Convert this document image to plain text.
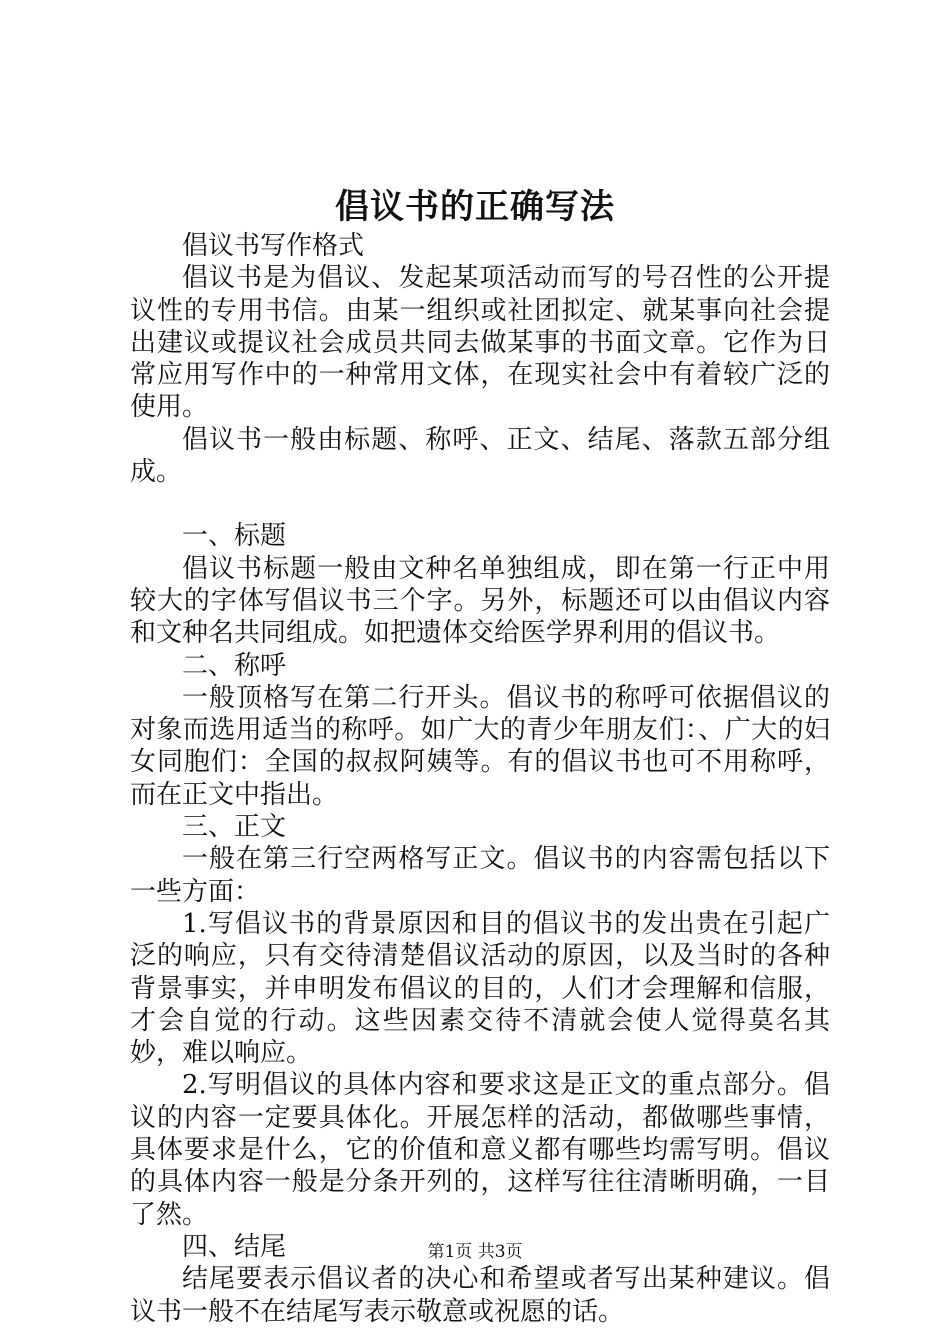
倡议书的正确写法

倡议书写作格式

倡议书是为倡议、发起某项活动而写的号召性的公开提议性的专用书信。由某一组织或社团拟定、就某事向社会提出建议或提议社会成员共同去做某事的书面文章。它作为日常应用写作中的一种常用文体，在现实社会中有着较广泛的使用。

倡议书一般由标题、称呼、正文、结尾、落款五部分组成。

一、标题

倡议书标题一般由文种名单独组成，即在第一行正中用较大的字体写倡议书三个字。另外，标题还可以由倡议内容和文种名共同组成。如把遗体交给医学界利用的倡议书。

二、称呼

一般顶格写在第二行开头。倡议书的称呼可依据倡议的对象而选用适当的称呼。如广大的青少年朋友们：、广大的妇女同胞们：全国的叔叔阿姨等。有的倡议书也可不用称呼，而在正文中指出。

三、正文

一般在第三行空两格写正文。倡议书的内容需包括以下一些方面：

1.写倡议书的背景原因和目的倡议书的发出贵在引起广泛的响应，只有交待清楚倡议活动的原因，以及当时的各种背景事实，并申明发布倡议的目的，人们才会理解和信服，才会自觉的行动。这些因素交待不清就会使人觉得莫名其妙，难以响应。

2.写明倡议的具体内容和要求这是正文的重点部分。倡议的内容一定要具体化。开展怎样的活动，都做哪些事情，具体要求是什么，它的价值和意义都有哪些均需写明。倡议的具体内容一般是分条开列的，这样写往往清晰明确，一目了然。

四、结尾

结尾要表示倡议者的决心和希望或者写出某种建议。倡议书一般不在结尾写表示敬意或祝愿的话。

第1页 共3页
